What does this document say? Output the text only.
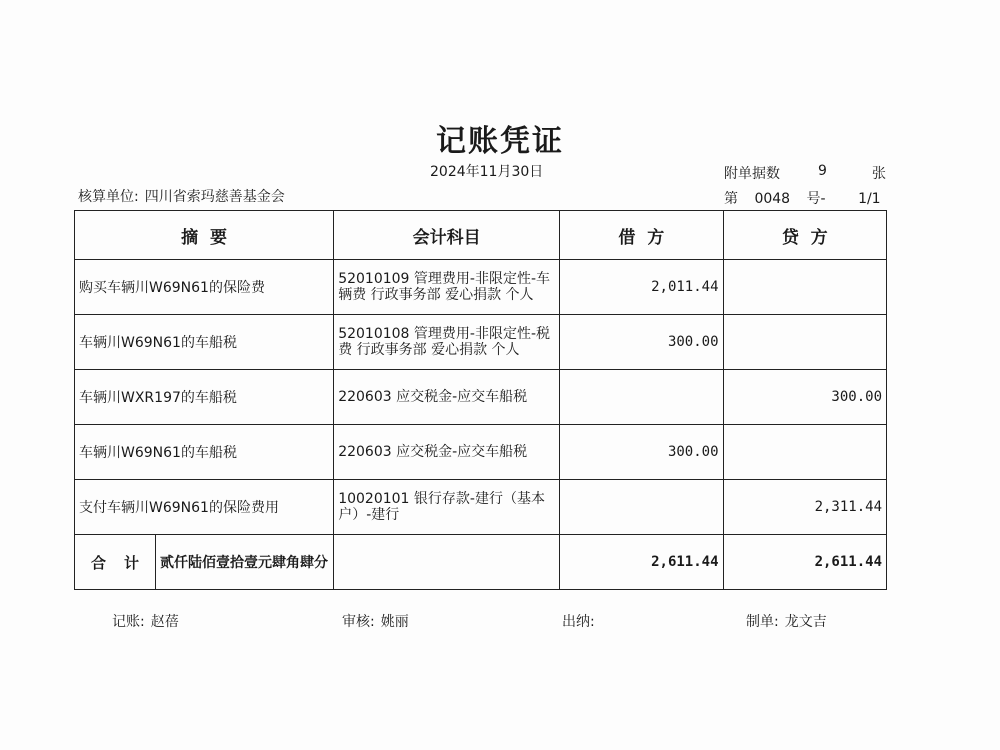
记账凭证
2024年11月30日	附单据数	9	张
核算单位: 四川省索玛慈善基金会	第 0048 号- 1/1
摘  要	会计科目	借  方	贷  方
购买车辆川W69N61的保险费	52010109 管理费用-非限定性-车辆费 行政事务部 爱心捐款 个人	2,011.44	
车辆川W69N61的车船税	52010108 管理费用-非限定性-税费 行政事务部 爱心捐款 个人	300.00	
车辆川WXR197的车船税	220603 应交税金-应交车船税		300.00
车辆川W69N61的车船税	220603 应交税金-应交车船税	300.00	
支付车辆川W69N61的保险费用	10020101 银行存款-建行（基本户）-建行		2,311.44

合 计 贰仟陆佰壹拾壹元肆角肆分		2,611.44	2,611.44
记账: 赵蓓	审核: 姚丽	出纳:	制单: 龙文吉
